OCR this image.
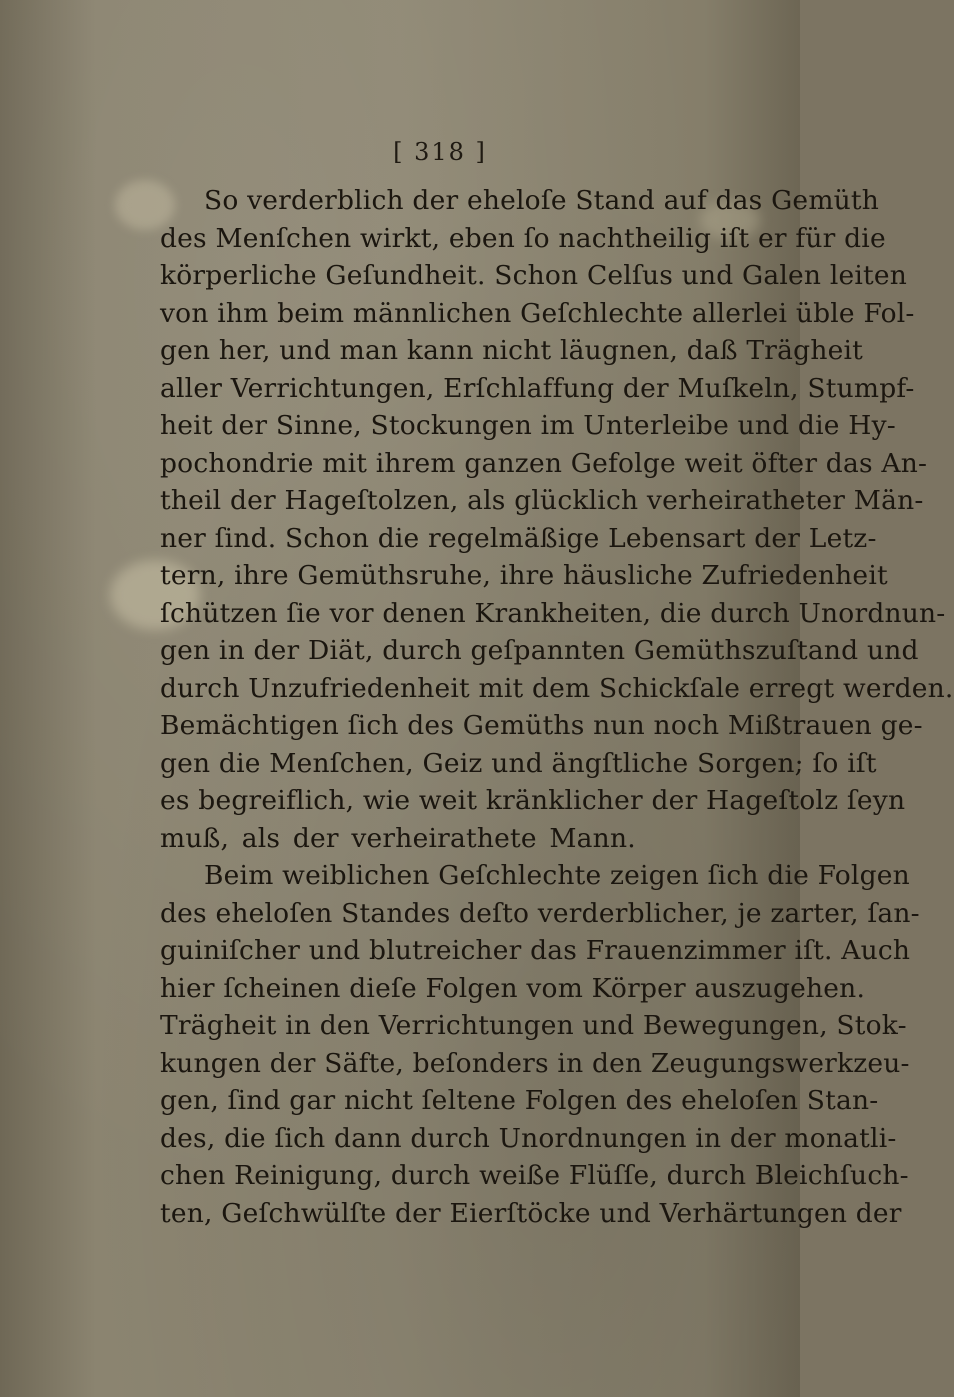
[ 318 ]
So verderblich der eheloſe Stand auf das Gemüth
des Menſchen wirkt, eben ſo nachtheilig iſt er für die
körperliche Geſundheit. Schon Celſus und Galen leiten
von ihm beim männlichen Geſchlechte allerlei üble Fol-
gen her, und man kann nicht läugnen, daß Trägheit
aller Verrichtungen, Erſchlaffung der Muſkeln, Stumpf-
heit der Sinne, Stockungen im Unterleibe und die Hy-
pochondrie mit ihrem ganzen Gefolge weit öfter das An-
theil der Hageſtolzen, als glücklich verheiratheter Män-
ner ſind. Schon die regelmäßige Lebensart der Letz-
tern, ihre Gemüthsruhe, ihre häusliche Zufriedenheit
ſchützen ſie vor denen Krankheiten, die durch Unordnun-
gen in der Diät, durch geſpannten Gemüthszuſtand und
durch Unzufriedenheit mit dem Schickſale erregt werden.
Bemächtigen ſich des Gemüths nun noch Mißtrauen ge-
gen die Menſchen, Geiz und ängſtliche Sorgen; ſo iſt
es begreiflich, wie weit kränklicher der Hageſtolz ſeyn
muß, als der verheirathete Mann.
Beim weiblichen Geſchlechte zeigen ſich die Folgen
des eheloſen Standes deſto verderblicher, je zarter, ſan-
guiniſcher und blutreicher das Frauenzimmer iſt. Auch
hier ſcheinen dieſe Folgen vom Körper auszugehen.
Trägheit in den Verrichtungen und Bewegungen, Stok-
kungen der Säfte, beſonders in den Zeugungswerkzeu-
gen, ſind gar nicht ſeltene Folgen des eheloſen Stan-
des, die ſich dann durch Unordnungen in der monatli-
chen Reinigung, durch weiße Flüſſe, durch Bleichſuch-
ten, Geſchwülſte der Eierſtöcke und Verhärtungen der
